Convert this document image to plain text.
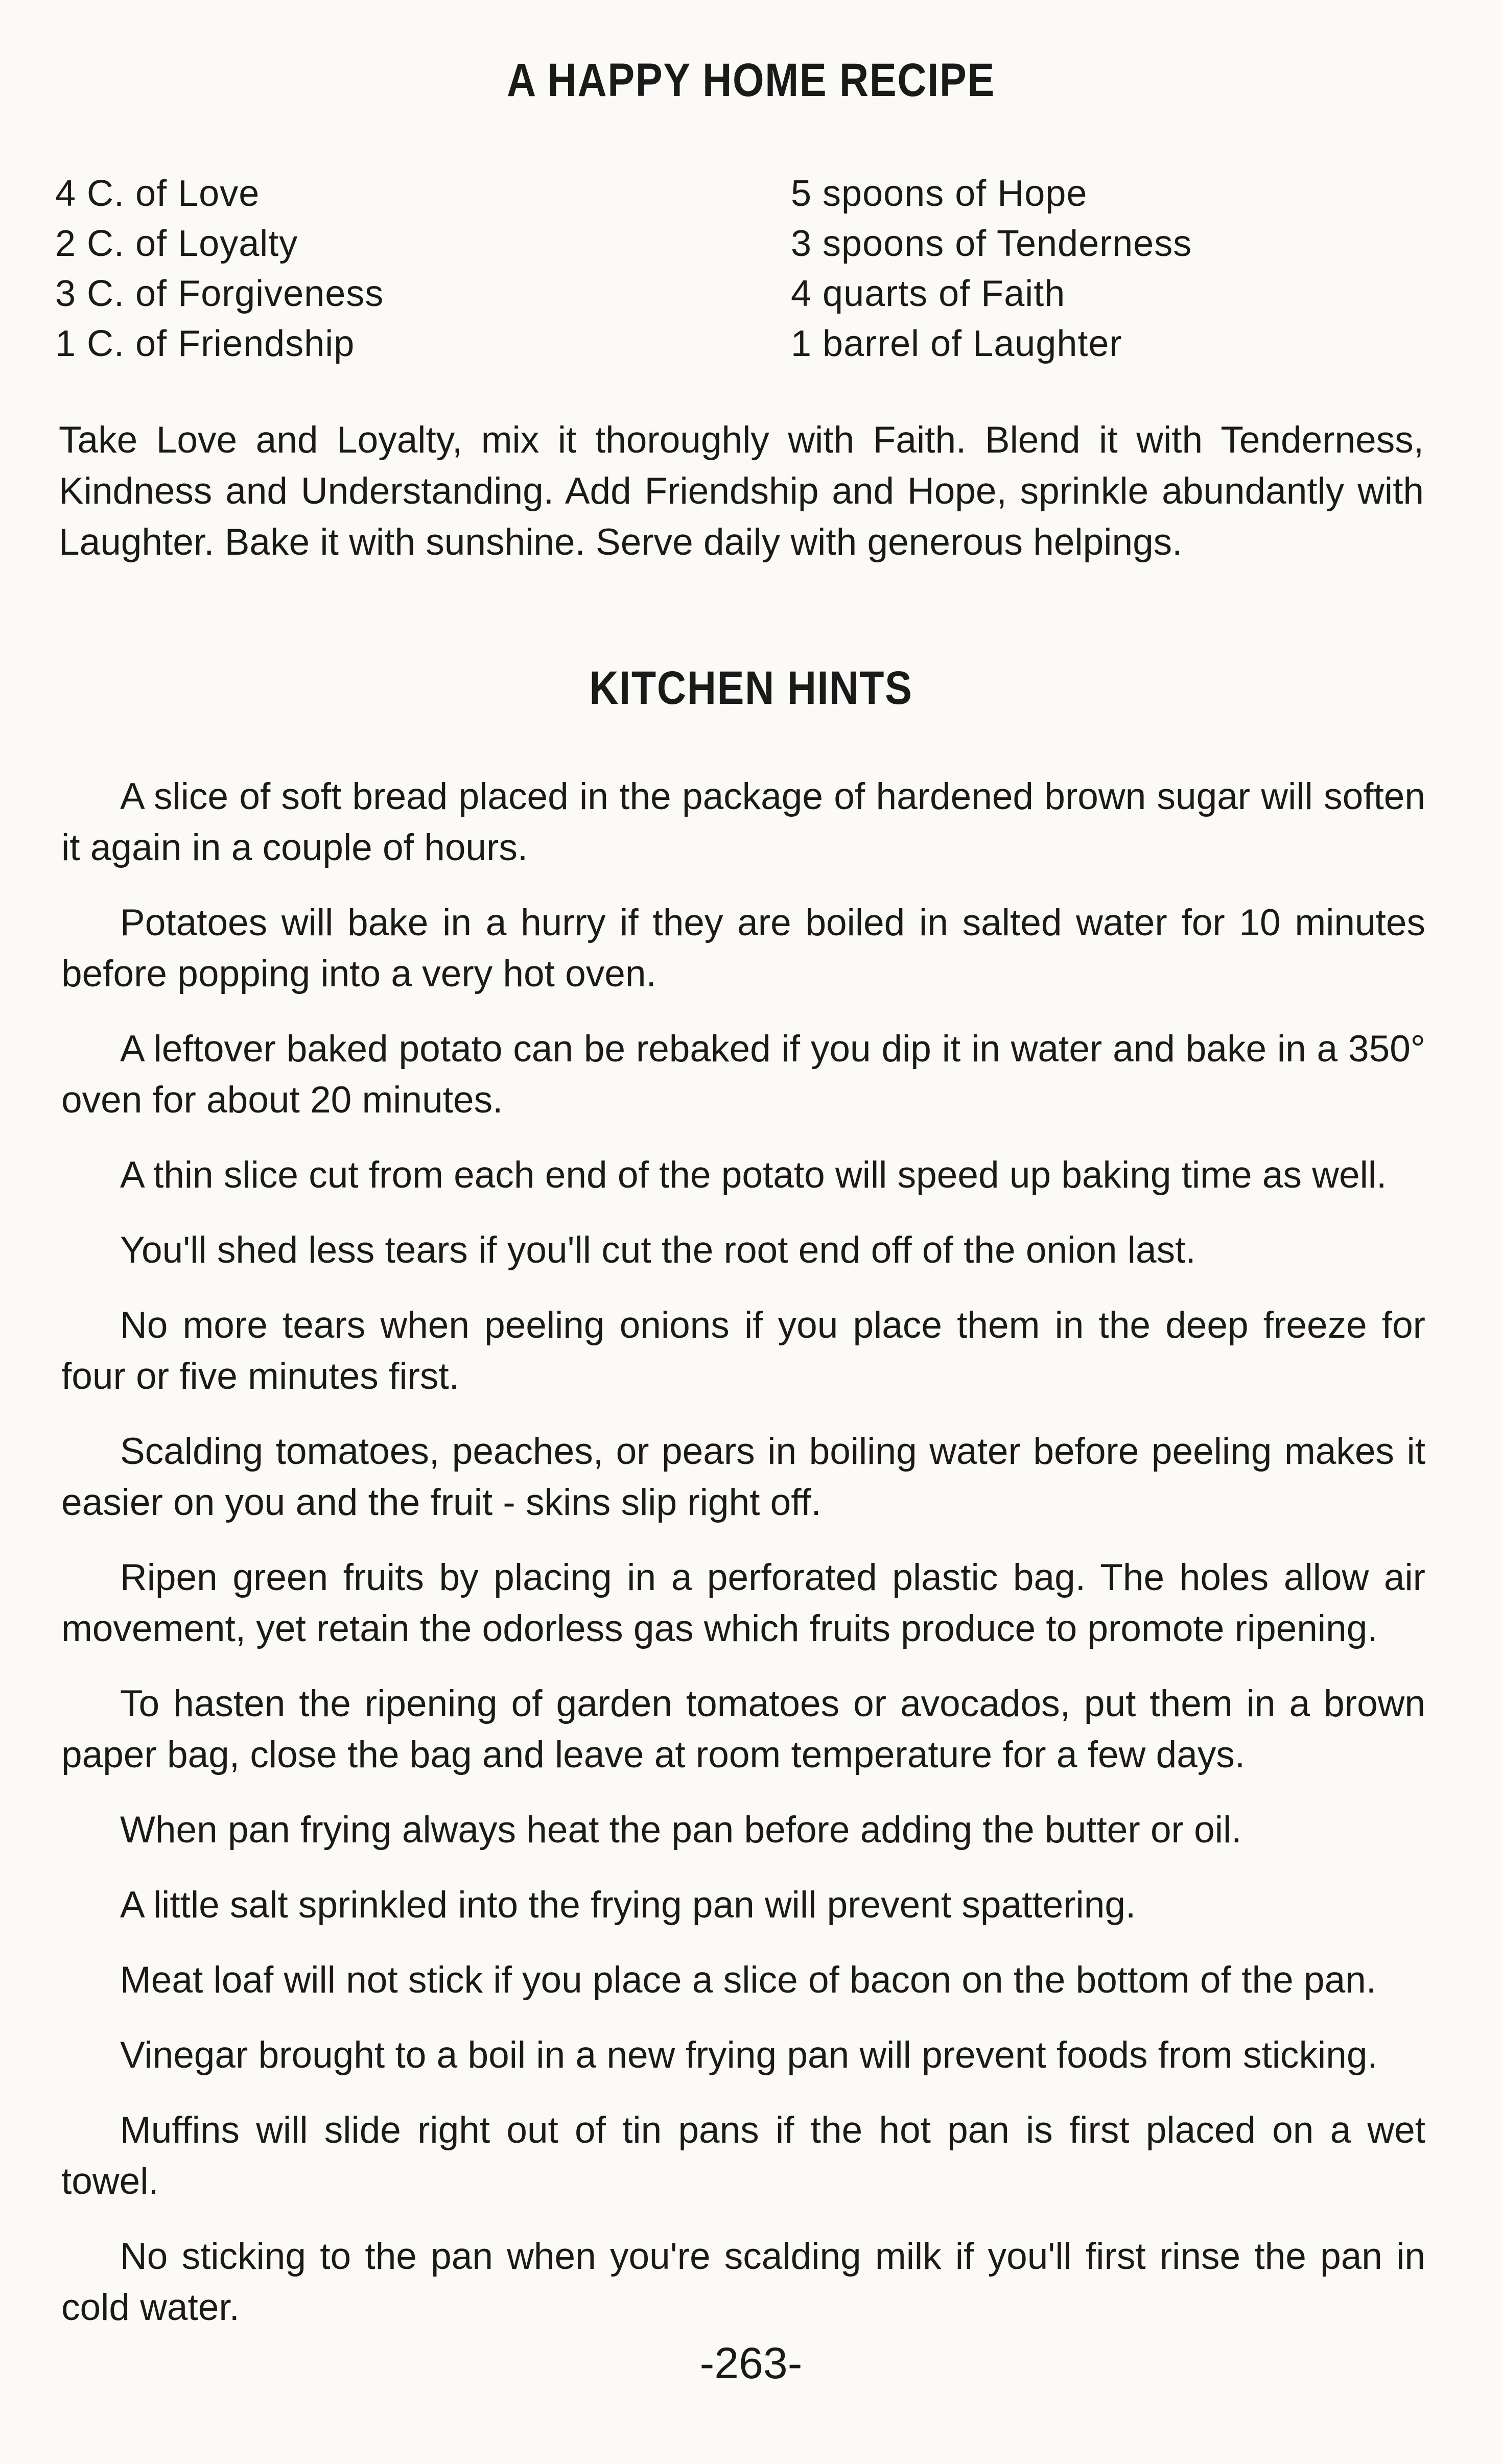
A HAPPY HOME RECIPE
4 C. of Love
2 C. of Loyalty
3 C. of Forgiveness
1 C. of Friendship
5 spoons of Hope
3 spoons of Tenderness
4 quarts of Faith
1 barrel of Laughter

Take Love and Loyalty, mix it thoroughly with Faith. Blend it with Tenderness, Kindness and Understanding. Add Friendship and Hope, sprinkle abundantly with Laughter. Bake it with sunshine. Serve daily with generous helpings.

KITCHEN HINTS

A slice of soft bread placed in the package of hardened brown sugar will soften it again in a couple of hours.

Potatoes will bake in a hurry if they are boiled in salted water for 10 minutes before popping into a very hot oven.

A leftover baked potato can be rebaked if you dip it in water and bake in a 350° oven for about 20 minutes.

A thin slice cut from each end of the potato will speed up baking time as well.

You'll shed less tears if you'll cut the root end off of the onion last.

No more tears when peeling onions if you place them in the deep freeze for four or five minutes first.

Scalding tomatoes, peaches, or pears in boiling water before peeling makes it easier on you and the fruit - skins slip right off.

Ripen green fruits by placing in a perforated plastic bag. The holes allow air movement, yet retain the odorless gas which fruits produce to promote ripening.

To hasten the ripening of garden tomatoes or avocados, put them in a brown paper bag, close the bag and leave at room temperature for a few days.

When pan frying always heat the pan before adding the butter or oil.

A little salt sprinkled into the frying pan will prevent spattering.

Meat loaf will not stick if you place a slice of bacon on the bottom of the pan.

Vinegar brought to a boil in a new frying pan will prevent foods from sticking.

Muffins will slide right out of tin pans if the hot pan is first placed on a wet towel.

No sticking to the pan when you're scalding milk if you'll first rinse the pan in cold water.

-263-
